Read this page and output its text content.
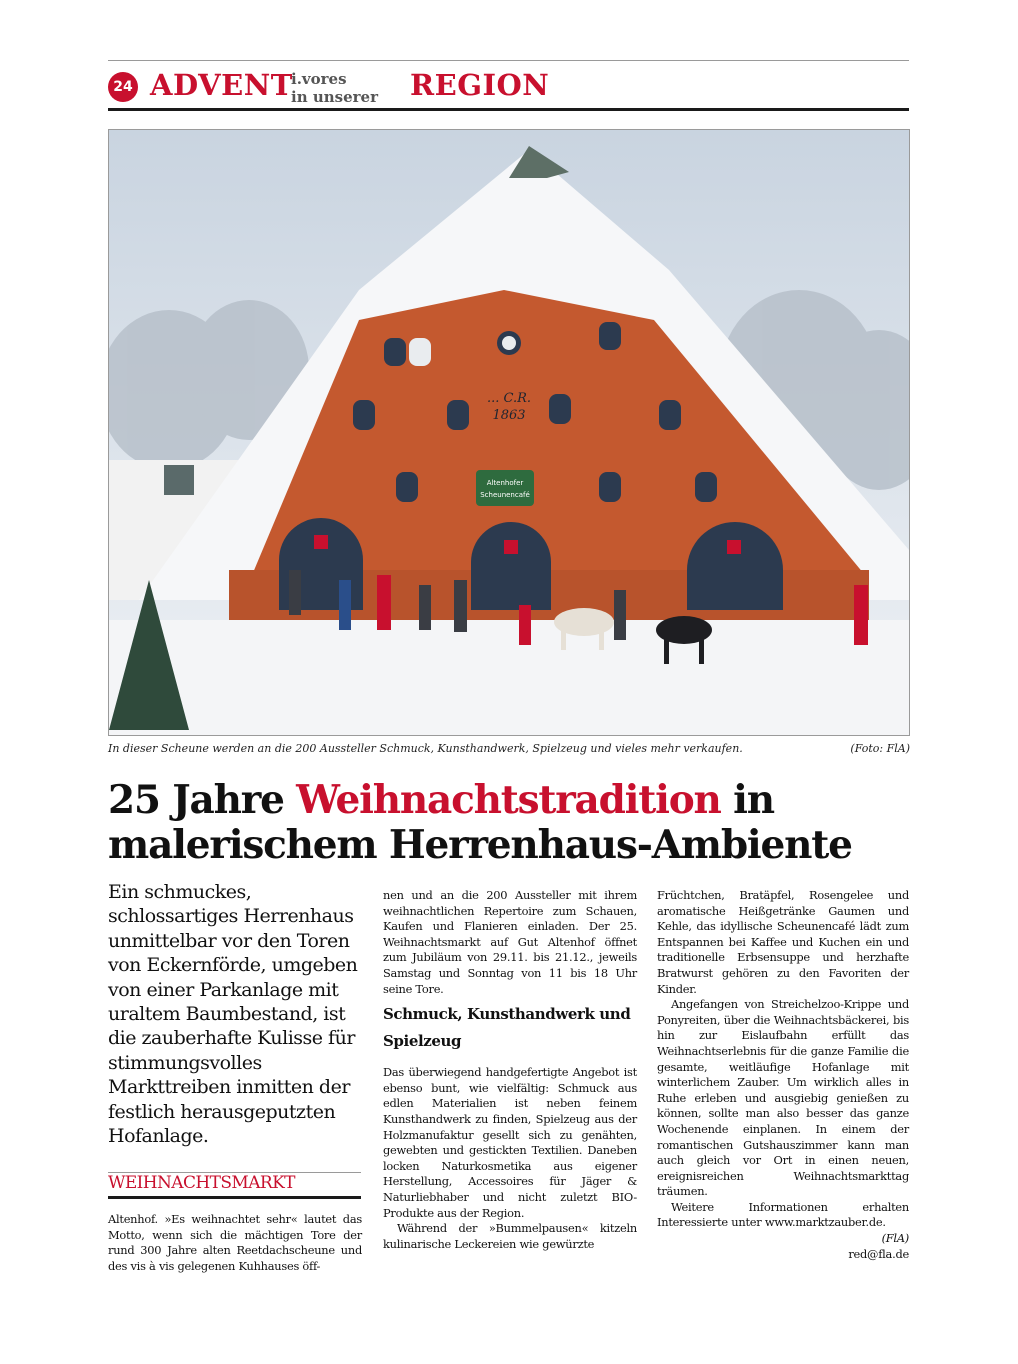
24 ADVENT
i.vores
in unserer REGION
... C.R.
1863
Altenhofer
Scheunencafé
In dieser Scheune werden an die 200 Aussteller Schmuck, Kunsthandwerk, Spielzeug und vieles mehr verkaufen.	(Foto: FlA)
25 Jahre Weihnachtstradition in
malerischem Herrenhaus-Ambiente
Ein schmuckes, schlossartiges Herrenhaus unmittelbar vor den Toren von Eckernförde, umgeben von einer Parkanlage mit uraltem Baumbestand, ist die zauberhafte Kulisse für stimmungsvolles Markttreiben inmitten der festlich herausgeputzten Hofanlage.
WEIHNACHTSMARKT

Altenhof. »Es weihnachtet sehr« lautet das Motto, wenn sich die mächtigen Tore der rund 300 Jahre alten Reetdachscheune und des vis à vis gelegenen Kuhhauses öff-

nen und an die 200 Aussteller mit ihrem weihnachtlichen Repertoire zum Schauen, Kaufen und Flanieren einladen. Der 25. Weihnachtsmarkt auf Gut Altenhof öffnet zum Jubiläum von 29.11. bis 21.12., jeweils Samstag und Sonntag von 11 bis 18 Uhr seine Tore.

Schmuck, Kunsthandwerk und Spielzeug

Das überwiegend handgefertigte Angebot ist ebenso bunt, wie vielfältig: Schmuck aus edlen Materialien ist neben feinem Kunsthandwerk zu finden, Spielzeug aus der Holzmanufaktur gesellt sich zu genähten, gewebten und gestickten Textilien. Daneben locken Naturkosmetika aus eigener Herstellung, Accessoires für Jäger & Naturliebhaber und nicht zuletzt BIO-Produkte aus der Region.

Während der »Bummelpausen« kitzeln kulinarische Leckereien wie gewürzte

Früchtchen, Bratäpfel, Rosengelee und aromatische Heißgetränke Gaumen und Kehle, das idyllische Scheunencafé lädt zum Entspannen bei Kaffee und Kuchen ein und traditionelle Erbsensuppe und herzhafte Bratwurst gehören zu den Favoriten der Kinder.

Angefangen von Streichelzoo-Krippe und Ponyreiten, über die Weihnachtsbäckerei, bis hin zur Eislaufbahn erfüllt das Weihnachtserlebnis für die ganze Familie die gesamte, weitläufige Hofanlage mit winterlichem Zauber. Um wirklich alles in Ruhe erleben und ausgiebig genießen zu können, sollte man also besser das ganze Wochenende einplanen. In einem der romantischen Gutshauszimmer kann man auch gleich vor Ort in einen neuen, ereignisreichen Weihnachtsmarkttag träumen.

Weitere Informationen erhalten Interessierte unter www.marktzauber.de.

(FlA)

red@fla.de
